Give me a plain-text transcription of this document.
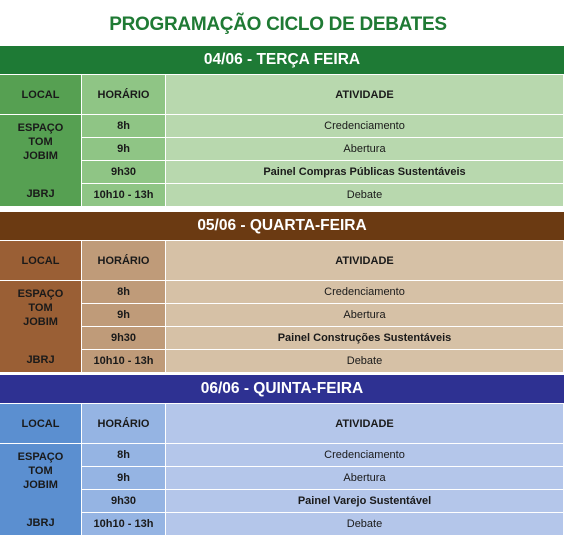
PROGRAMAÇÃO CICLO DE DEBATES
04/06 - TERÇA FEIRA
LOCAL	HORÁRIO	ATIVIDADE
ESPAÇO
TOM
JOBIM
JBRJ
8h	Credenciamento
9h	Abertura
9h30	Painel Compras Públicas Sustentáveis
10h10 - 13h	Debate
05/06 - QUARTA-FEIRA
LOCAL	HORÁRIO	ATIVIDADE
ESPAÇO
TOM
JOBIM
JBRJ
8h	Credenciamento
9h	Abertura
9h30	Painel Construções Sustentáveis
10h10 - 13h	Debate
06/06 - QUINTA-FEIRA
LOCAL	HORÁRIO	ATIVIDADE
ESPAÇO
TOM
JOBIM
JBRJ
8h	Credenciamento
9h	Abertura
9h30	Painel Varejo Sustentável
10h10 - 13h	Debate
